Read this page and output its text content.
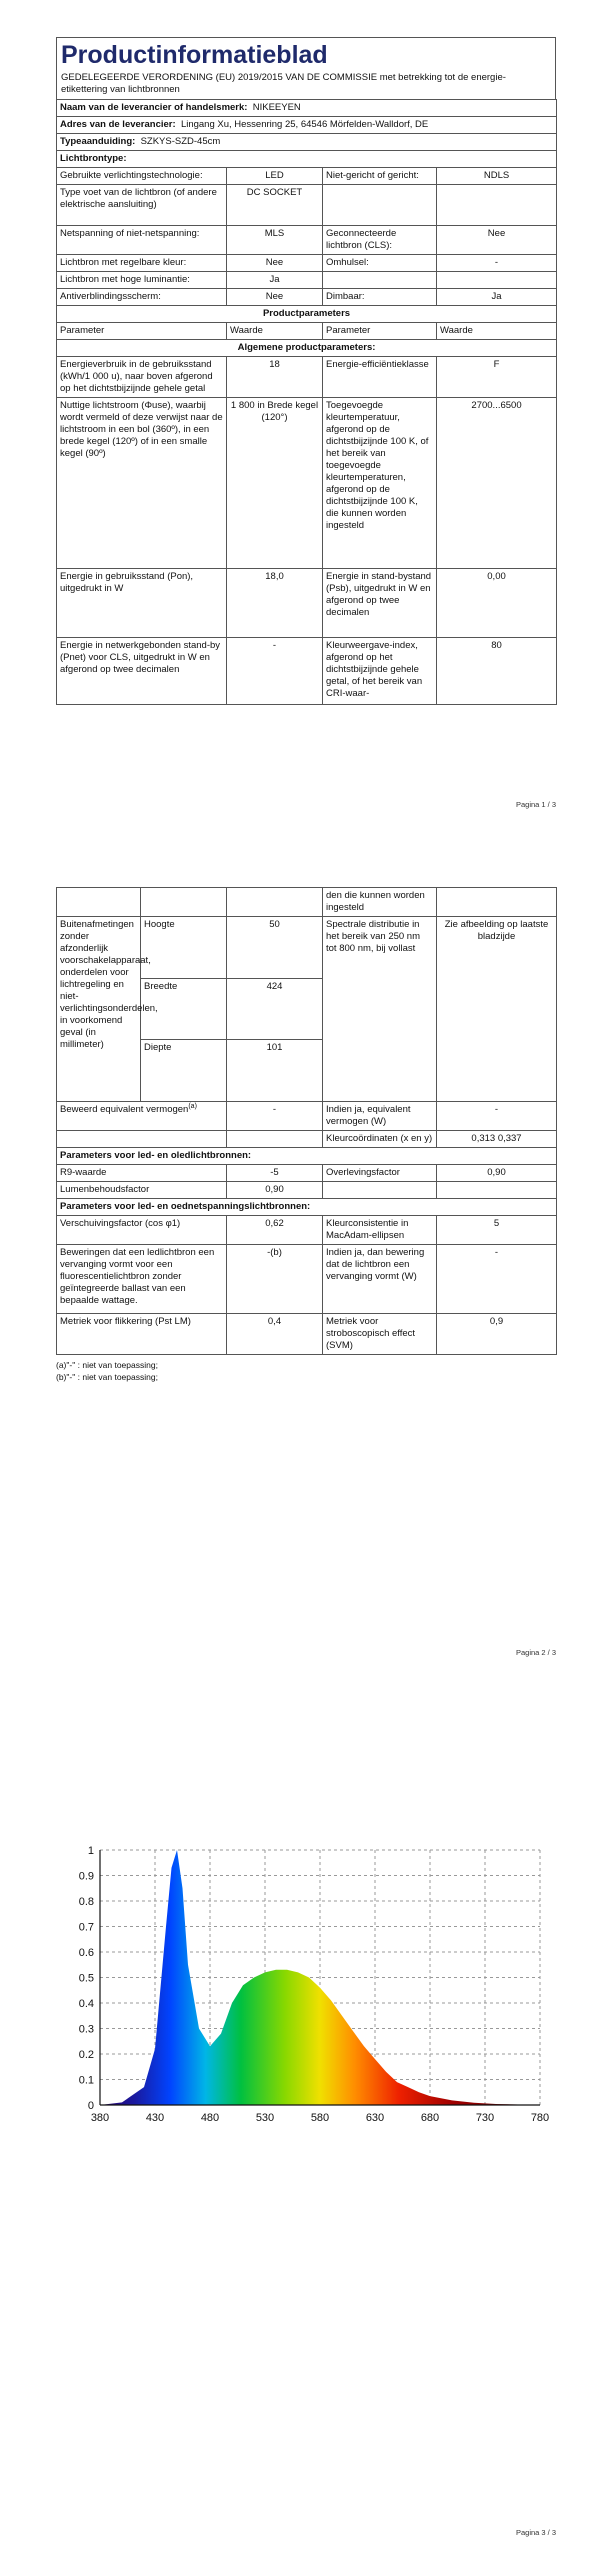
Productinformatieblad
GEDELEGEERDE VERORDENING (EU) 2019/2015 VAN DE COMMISSIE met betrekking tot de energie-etikettering van lichtbronnen
Naam van de leverancier of handelsmerk: NIKEEYEN			
Adres van de leverancier: Lingang Xu, Hessenring 25, 64546 Mörfelden-Walldorf, DE			
Typeaanduiding: SZKYS-SZD-45cm			
Lichtbrontype:			
Gebruikte verlichtingstechnologie:	LED	Niet-gericht of gericht:	NDLS
Type voet van de lichtbron (of andere elektrische aansluiting)	DC SOCKET		
Netspanning of niet-netspanning:	MLS	Geconnecteerde lichtbron (CLS):	Nee
Lichtbron met regelbare kleur:	Nee	Omhulsel:	-
Lichtbron met hoge luminantie:	Ja		
Antiverblindingsscherm:	Nee	Dimbaar:	Ja
Productparameters			
Parameter	Waarde	Parameter	Waarde
Algemene productparameters:			
Energieverbruik in de gebruiksstand (kWh/1 000 u), naar boven afgerond op het dichtstbijzijnde gehele getal	18	Energie-efficiëntieklasse	F
Nuttige lichtstroom (Φuse), waarbij wordt vermeld of deze verwijst naar de lichtstroom in een bol (360º), in een brede kegel (120º) of in een smalle kegel (90º)	1 800 in Brede kegel (120°)	Toegevoegde kleurtemperatuur, afgerond op de dichtstbijzijnde 100 K, of het bereik van toegevoegde kleurtemperaturen, afgerond op de dichtstbijzijnde 100 K, die kunnen worden ingesteld	2700...6500
Energie in gebruiksstand (Pon), uitgedrukt in W	18,0	Energie in stand-bystand (Psb), uitgedrukt in W en afgerond op twee decimalen	0,00
Energie in netwerkgebonden stand-by (Pnet) voor CLS, uitgedrukt in W en afgerond op twee decimalen	-	Kleurweergave-index, afgerond op het dichtstbijzijnde gehele getal, of het bereik van CRI-waar-	80
Pagina 1 / 3
			den die kunnen worden ingesteld	
Buitenafmetingen zonder afzonderlijk voorschakelapparaat, onderdelen voor lichtregeling en niet-verlichtingsonderdelen, in voorkomend geval (in millimeter)	Hoogte	50	Spectrale distributie in het bereik van 250 nm tot 800 nm, bij vollast	Zie afbeelding op laatste bladzijde
	Breedte	424		
	Diepte	101		
Beweerd equivalent vermogen$^{(a)}$		-	Indien ja, equivalent vermogen (W)	-
			Kleurcoördinaten (x en y)	0,313 0,337
Parameters voor led- en oledlichtbronnen:				
R9-waarde		-5	Overlevingsfactor	0,90
Lumenbehoudsfactor		0,90		
Parameters voor led- en oednetspanningslichtbronnen:				
Verschuivingsfactor (cos φ1)		0,62	Kleurconsistentie in MacAdam-ellipsen	5
Beweringen dat een ledlichtbron een vervanging vormt voor een fluorescentielichtbron zonder geïntegreerde ballast van een bepaalde wattage.		-(b)	Indien ja, dan bewering dat de lichtbron een vervanging vormt (W)	-
Metriek voor flikkering (Pst LM)		0,4	Metriek voor stroboscopisch effect (SVM)	0,9
(a)"-" : niet van toepassing;
(b)"-" : niet van toepassing;
Pagina 2 / 3
380	430	480	530	580	630	680	730	780
0
0.1
0.2
0.3
0.4
0.5
0.6
0.7
0.8
0.9
1
Pagina 3 / 3
